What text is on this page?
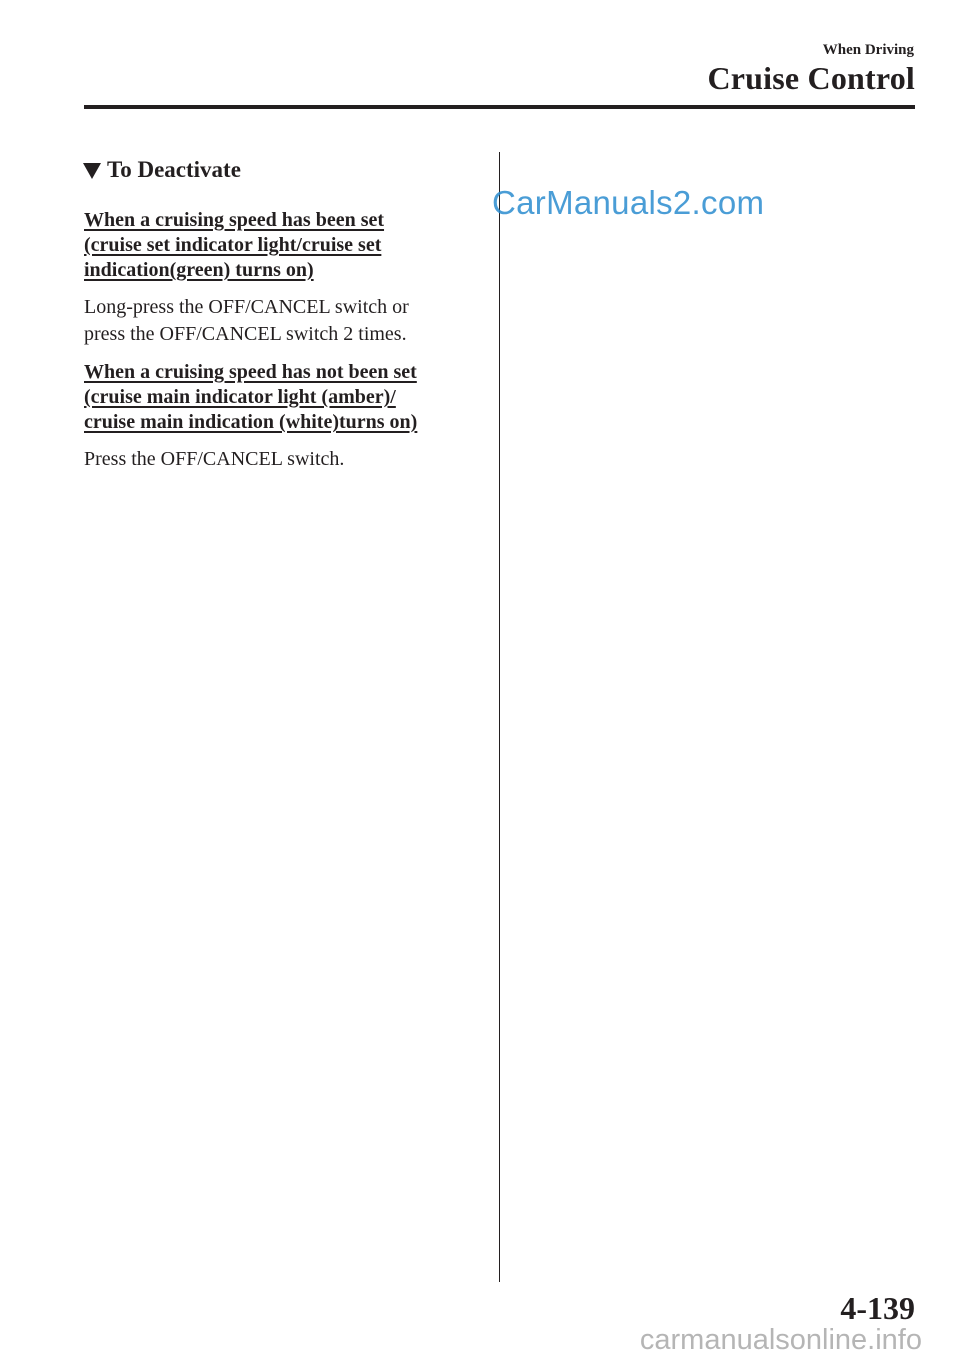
When Driving
Cruise Control
To Deactivate
When a cruising speed has been set
(cruise set indicator light/cruise set
indication(green) turns on)
Long-press the OFF/CANCEL switch or
press the OFF/CANCEL switch 2 times.
When a cruising speed has not been set
(cruise main indicator light (amber)/
cruise main indication (white)turns on)
Press the OFF/CANCEL switch.
CarManuals2.com
4-139
carmanualsonline.info
